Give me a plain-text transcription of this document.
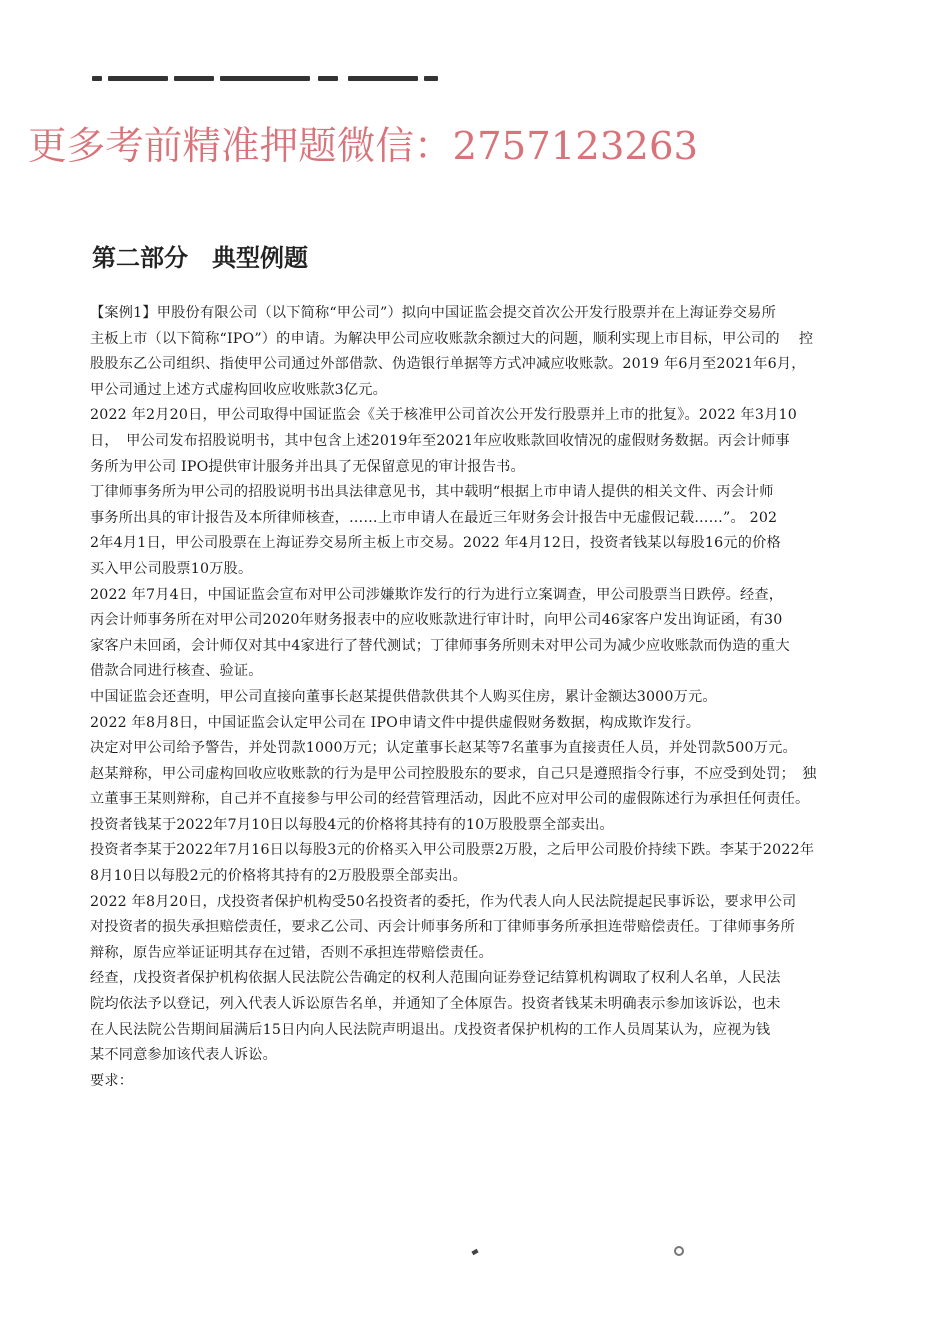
更多考前精准押题微信：2757123263
第二部分　典型例题
【案例1】甲股份有限公司（以下简称“甲公司”）拟向中国证监会提交首次公开发行股票并在上海证券交易所
主板上市（以下简称“IPO”）的申请。为解决甲公司应收账款余额过大的问题，顺利实现上市目标，甲公司的　 控
股股东乙公司组织、指使甲公司通过外部借款、伪造银行单据等方式冲减应收账款。2019 年6月至2021年6月，
甲公司通过上述方式虚构回收应收账款3亿元。
2022 年2月20日，甲公司取得中国证监会《关于核准甲公司首次公开发行股票并上市的批复》。2022 年3月10
日，　甲公司发布招股说明书，其中包含上述2019年至2021年应收账款回收情况的虚假财务数据。丙会计师事
务所为甲公司 IPO提供审计服务并出具了无保留意见的审计报告书。
丁律师事务所为甲公司的招股说明书出具法律意见书，其中载明“根据上市申请人提供的相关文件、丙会计师
事务所出具的审计报告及本所律师核查，……上市申请人在最近三年财务会计报告中无虚假记载……”。 202
2年4月1日，甲公司股票在上海证券交易所主板上市交易。2022 年4月12日，投资者钱某以每股16元的价格
买入甲公司股票10万股。
2022 年7月4日，中国证监会宣布对甲公司涉嫌欺诈发行的行为进行立案调查，甲公司股票当日跌停。经查，
丙会计师事务所在对甲公司2020年财务报表中的应收账款进行审计时，向甲公司46家客户发出询证函，有30
家客户未回函，会计师仅对其中4家进行了替代测试；丁律师事务所则未对甲公司为减少应收账款而伪造的重大
借款合同进行核查、验证。
中国证监会还查明，甲公司直接向董事长赵某提供借款供其个人购买住房，累计金额达3000万元。
2022 年8月8日，中国证监会认定甲公司在 IPO申请文件中提供虚假财务数据，构成欺诈发行。
决定对甲公司给予警告，并处罚款1000万元；认定董事长赵某等7名董事为直接责任人员，并处罚款500万元。
赵某辩称，甲公司虚构回收应收账款的行为是甲公司控股股东的要求，自己只是遵照指令行事，不应受到处罚；　独
立董事王某则辩称，自己并不直接参与甲公司的经营管理活动，因此不应对甲公司的虚假陈述行为承担任何责任。
投资者钱某于2022年7月10日以每股4元的价格将其持有的10万股股票全部卖出。
投资者李某于2022年7月16日以每股3元的价格买入甲公司股票2万股，之后甲公司股价持续下跌。李某于2022年
8月10日以每股2元的价格将其持有的2万股股票全部卖出。
2022 年8月20日，戊投资者保护机构受50名投资者的委托，作为代表人向人民法院提起民事诉讼，要求甲公司
对投资者的损失承担赔偿责任，要求乙公司、丙会计师事务所和丁律师事务所承担连带赔偿责任。丁律师事务所
辩称，原告应举证证明其存在过错，否则不承担连带赔偿责任。
经查，戊投资者保护机构依据人民法院公告确定的权利人范围向证券登记结算机构调取了权利人名单，人民法
院均依法予以登记，列入代表人诉讼原告名单，并通知了全体原告。投资者钱某未明确表示参加该诉讼，也未
在人民法院公告期间届满后15日内向人民法院声明退出。戊投资者保护机构的工作人员周某认为，应视为钱
某不同意参加该代表人诉讼。
要求：
